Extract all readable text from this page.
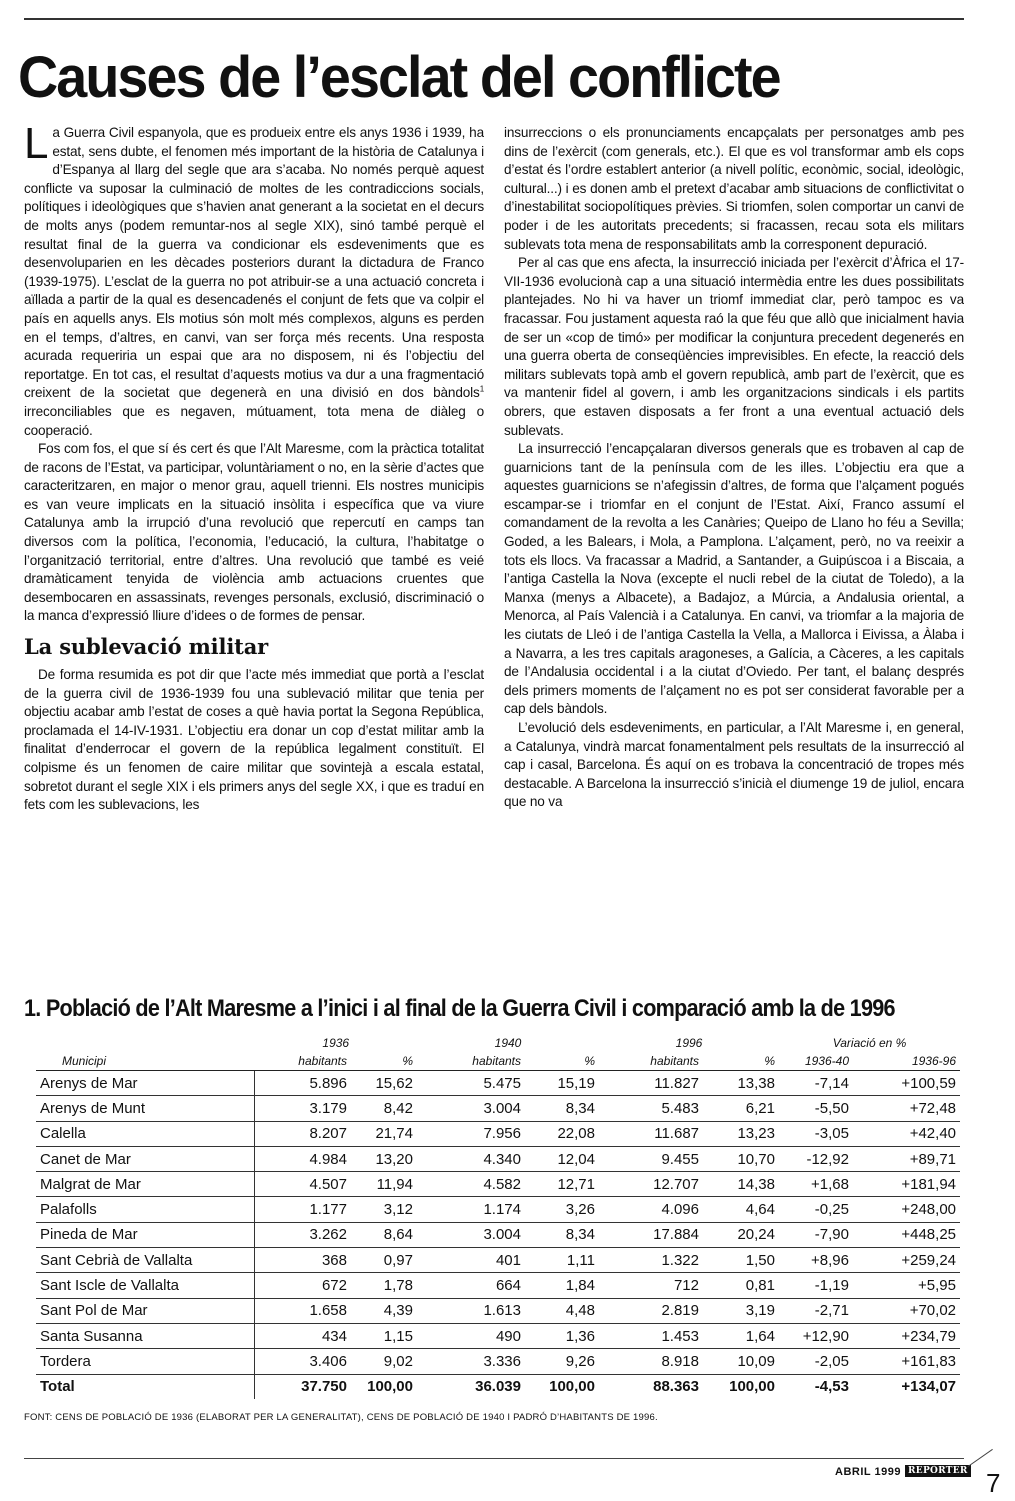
Causes de l’esclat del conflicte

La Guerra Civil espanyola, que es produeix entre els anys 1936 i 1939, ha estat, sens dubte, el fenomen més important de la història de Catalunya i d’Espanya al llarg del segle que ara s’acaba. No només perquè aquest conflicte va suposar la culminació de moltes de les contradiccions socials, polítiques i ideològiques que s’havien anat generant a la societat en el decurs de molts anys (podem remuntar-nos al segle XIX), sinó també perquè el resultat final de la guerra va condicionar els esdeveniments que es desenvoluparien en les dècades posteriors durant la dictadura de Franco (1939-1975). L’esclat de la guerra no pot atribuir-se a una actuació concreta i aïllada a partir de la qual es desencadenés el conjunt de fets que va colpir el país en aquells anys. Els motius són molt més complexos, alguns es perden en el temps, d’altres, en canvi, van ser força més recents. Una resposta acurada requeriria un espai que ara no disposem, ni és l’objectiu del reportatge. En tot cas, el resultat d’aquests motius va dur a una fragmentació creixent de la societat que degenerà en una divisió en dos bàndols$^1$ irreconciliables que es negaven, mútuament, tota mena de diàleg o cooperació.

Fos com fos, el que sí és cert és que l’Alt Maresme, com la pràctica totalitat de racons de l’Estat, va participar, voluntàriament o no, en la sèrie d’actes que caracteritzaren, en major o menor grau, aquell trienni. Els nostres municipis es van veure implicats en la situació insòlita i específica que va viure Catalunya amb la irrupció d’una revolució que repercutí en camps tan diversos com la política, l’economia, l’educació, la cultura, l’habitatge o l’organització territorial, entre d’altres. Una revolució que també es veié dramàticament tenyida de violència amb actuacions cruentes que desembocaren en assassinats, revenges personals, exclusió, discriminació o la manca d’expressió lliure d’idees o de formes de pensar.

La sublevació militar

De forma resumida es pot dir que l’acte més immediat que portà a l’esclat de la guerra civil de 1936-1939 fou una sublevació militar que tenia per objectiu acabar amb l’estat de coses a què havia portat la Segona República, proclamada el 14-IV-1931. L’objectiu era donar un cop d’estat militar amb la finalitat d’enderrocar el govern de la república legalment constituït. El colpisme és un fenomen de caire militar que sovintejà a escala estatal, sobretot durant el segle XIX i els primers anys del segle XX, i que es traduí en fets com les sublevacions, les

insurreccions o els pronunciaments encapçalats per personatges amb pes dins de l’exèrcit (com generals, etc.). El que es vol transformar amb els cops d’estat és l’ordre establert anterior (a nivell polític, econòmic, social, ideològic, cultural...) i es donen amb el pretext d’acabar amb situacions de conflictivitat o d’inestabilitat sociopolítiques prèvies. Si triomfen, solen comportar un canvi de poder i de les autoritats precedents; si fracassen, recau sota els militars sublevats tota mena de responsabilitats amb la corresponent depuració.

Per al cas que ens afecta, la insurrecció iniciada per l’exèrcit d’Àfrica el 17-VII-1936 evolucionà cap a una situació intermèdia entre les dues possibilitats plantejades. No hi va haver un triomf immediat clar, però tampoc es va fracassar. Fou justament aquesta raó la que féu que allò que inicialment havia de ser un «cop de timó» per modificar la conjuntura precedent degenerés en una guerra oberta de conseqüències imprevisibles. En efecte, la reacció dels militars sublevats topà amb el govern republicà, amb part de l’exèrcit, que es va mantenir fidel al govern, i amb les organitzacions sindicals i els partits obrers, que estaven disposats a fer front a una eventual actuació dels sublevats.

La insurrecció l’encapçalaran diversos generals que es trobaven al cap de guarnicions tant de la península com de les illes. L’objectiu era que a aquestes guarnicions se n’afegissin d’altres, de forma que l’alçament pogués escampar-se i triomfar en el conjunt de l’Estat. Així, Franco assumí el comandament de la revolta a les Canàries; Queipo de Llano ho féu a Sevilla; Goded, a les Balears, i Mola, a Pamplona. L’alçament, però, no va reeixir a tots els llocs. Va fracassar a Madrid, a Santander, a Guipúscoa i a Biscaia, a l’antiga Castella la Nova (excepte el nucli rebel de la ciutat de Toledo), a la Manxa (menys a Albacete), a Badajoz, a Múrcia, a Andalusia oriental, a Menorca, al País Valencià i a Catalunya. En canvi, va triomfar a la majoria de les ciutats de Lleó i de l’antiga Castella la Vella, a Mallorca i Eivissa, a Àlaba i a Navarra, a les tres capitals aragoneses, a Galícia, a Càceres, a les capitals de l’Andalusia occidental i a la ciutat d’Oviedo. Per tant, el balanç després dels primers moments de l’alçament no es pot ser considerat favorable per a cap dels bàndols.

L’evolució dels esdeveniments, en particular, a l’Alt Maresme i, en general, a Catalunya, vindrà marcat fonamentalment pels resultats de la insurrecció al cap i casal, Barcelona. És aquí on es trobava la concentració de tropes més destacable. A Barcelona la insurrecció s’inicià el diumenge 19 de juliol, encara que no va

1. Població de l’Alt Maresme a l’inici i al final de la Guerra Civil i comparació amb la de 1996
	1936		1940		1996		Variació en %	
Municipi	habitants	%	habitants	%	habitants	%	1936-40	1936-96
Arenys de Mar	5.896	15,62	5.475	15,19	11.827	13,38	-7,14	+100,59
Arenys de Munt	3.179	8,42	3.004	8,34	5.483	6,21	-5,50	+72,48
Calella	8.207	21,74	7.956	22,08	11.687	13,23	-3,05	+42,40
Canet de Mar	4.984	13,20	4.340	12,04	9.455	10,70	-12,92	+89,71
Malgrat de Mar	4.507	11,94	4.582	12,71	12.707	14,38	+1,68	+181,94
Palafolls	1.177	3,12	1.174	3,26	4.096	4,64	-0,25	+248,00
Pineda de Mar	3.262	8,64	3.004	8,34	17.884	20,24	-7,90	+448,25
Sant Cebrià de Vallalta	368	0,97	401	1,11	1.322	1,50	+8,96	+259,24
Sant Iscle de Vallalta	672	1,78	664	1,84	712	0,81	-1,19	+5,95
Sant Pol de Mar	1.658	4,39	1.613	4,48	2.819	3,19	-2,71	+70,02
Santa Susanna	434	1,15	490	1,36	1.453	1,64	+12,90	+234,79
Tordera	3.406	9,02	3.336	9,26	8.918	10,09	-2,05	+161,83
Total	37.750	100,00	36.039	100,00	88.363	100,00	-4,53	+134,07
FONT: CENS DE POBLACIÓ DE 1936 (ELABORAT PER LA GENERALITAT), CENS DE POBLACIÓ DE 1940 I PADRÓ D’HABITANTS DE 1996.
ABRIL 1999 REPÒRTER 7
